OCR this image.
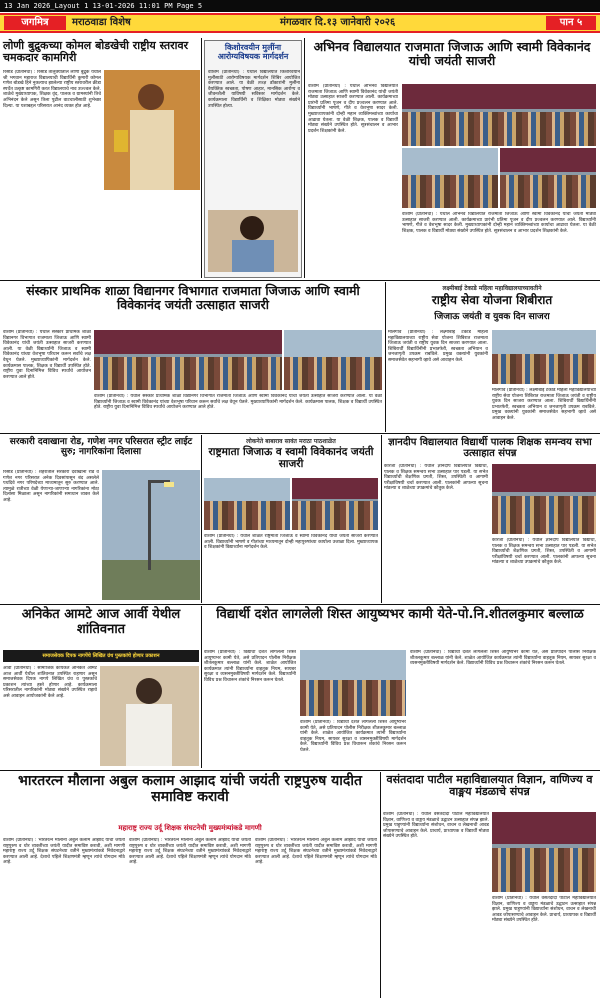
13 Jan 2026_Layout 1 13-01-2026 11:01 PM Page 5
जगमित्र	मराठवाडा विशेष	मंगळवार दि.१३ जानेवारी २०२६	पान ५
लोणी बुद्रुकच्या कोमल बोडखेची राष्ट्रीय स्तरावर चमकदार कामगिरी
रिसोड (प्रतिनिधी) : रिसोड तालुक्यातील लोणी बुद्रुक येथील श्री भगवान महाराज विद्यालयाची विद्यार्थिनी कुमारी कोमल गणेश बोडखे हिने नुकत्याच झालेल्या राष्ट्रीय स्तरावरील क्रीडा स्पर्धेत उत्कृष्ट कामगिरी करत विद्यालयाचे नाव उज्ज्वल केले. शाळेचे मुख्याध्यापक, शिक्षक वृंद, पालक व ग्रामस्थांनी तिचे अभिनंदन केले असून तिला पुढील वाटचालीसाठी शुभेच्छा दिल्या. या यशाबद्दल परिसरात आनंद व्यक्त होत आहे.
किशोरवयीन मुलींना आरोग्यविषयक मार्गदर्शन
वाशिम (प्रतिनिधी) : येथील विद्यालयात किशोरवयीन मुलींसाठी आरोग्यविषयक मार्गदर्शन शिबिर आयोजित करण्यात आले. या वेळी तज्ज्ञ डॉक्टरांनी मुलींना वैयक्तिक स्वच्छता, पोषण आहार, मानसिक आरोग्य व जीवनशैली याविषयी सविस्तर मार्गदर्शन केले. कार्यक्रमाला विद्यार्थिनी व शिक्षिका मोठ्या संख्येने उपस्थित होत्या.
अभिनव विद्यालयात राजमाता जिजाऊ आणि स्वामी विवेकानंद यांची जयंती साजरी
वाशीम (प्रतिनिधी) : येथील अभिनव विद्यालयात राजमाता जिजाऊ आणि स्वामी विवेकानंद यांची जयंती मोठ्या उत्साहात साजरी करण्यात आली. कार्यक्रमाच्या प्रारंभी प्रतिमा पूजन व दीप प्रज्वलन करण्यात आले. विद्यार्थ्यांनी भाषणे, गीते व वेशभूषा सादर केली. मुख्याध्यापकांनी दोन्ही महान व्यक्तिमत्त्वांच्या कार्याचा आढावा घेतला. या वेळी शिक्षक, पालक व विद्यार्थी मोठ्या संख्येने उपस्थित होते. सूत्रसंचालन व आभार प्रदर्शन शिक्षकांनी केले.
वाशीम (प्रतिनिधी) : येथील अभिनव विद्यालयात राजमाता जिजाऊ आणि स्वामी विवेकानंद यांची जयंती मोठ्या उत्साहात साजरी करण्यात आली. कार्यक्रमाच्या प्रारंभी प्रतिमा पूजन व दीप प्रज्वलन करण्यात आले. विद्यार्थ्यांनी भाषणे, गीते व वेशभूषा सादर केली. मुख्याध्यापकांनी दोन्ही महान व्यक्तिमत्त्वांच्या कार्याचा आढावा घेतला. या वेळी शिक्षक, पालक व विद्यार्थी मोठ्या संख्येने उपस्थित होते. सूत्रसंचालन व आभार प्रदर्शन शिक्षकांनी केले.
संस्कार प्राथमिक शाळा विद्यानगर विभागात राजमाता जिजाऊ आणि स्वामी विवेकानंद जयंती उत्साहात साजरी
वाशीम (प्रतिनिधी) : येथील संस्कार प्राथमिक शाळा विद्यानगर विभागात राजमाता जिजाऊ आणि स्वामी विवेकानंद यांची जयंती उत्साहात साजरी करण्यात आली. या वेळी विद्यार्थ्यांनी जिजाऊ व स्वामी विवेकानंद यांच्या वेशभूषा परिधान करून सर्वांचे लक्ष वेधून घेतले. मुख्याध्यापिकांनी मार्गदर्शन केले. कार्यक्रमास पालक, शिक्षक व विद्यार्थी उपस्थित होते. राष्ट्रीय युवा दिनानिमित्त विविध स्पर्धांचे आयोजन करण्यात आले होते.
वाशीम (प्रतिनिधी) : येथील संस्कार प्राथमिक शाळा विद्यानगर विभागात राजमाता जिजाऊ आणि स्वामी विवेकानंद यांची जयंती उत्साहात साजरी करण्यात आली. या वेळी विद्यार्थ्यांनी जिजाऊ व स्वामी विवेकानंद यांच्या वेशभूषा परिधान करून सर्वांचे लक्ष वेधून घेतले. मुख्याध्यापिकांनी मार्गदर्शन केले. कार्यक्रमास पालक, शिक्षक व विद्यार्थी उपस्थित होते. राष्ट्रीय युवा दिनानिमित्त विविध स्पर्धांचे आयोजन करण्यात आले होते.
लक्ष्मीबाई टेकाडे महिला महाविद्यालयाच्यावतीने
राष्ट्रीय सेवा योजना शिबीरात
जिजाऊ जयंती व युवक दिन साजरा
मालेगाव (प्रतिनिधी) : लक्ष्मीबाई टेकाडे महिला महाविद्यालयाच्या राष्ट्रीय सेवा योजना शिबिरात राजमाता जिजाऊ जयंती व राष्ट्रीय युवक दिन साजरा करण्यात आला. शिबिरार्थी विद्यार्थिनींनी प्रभातफेरी, स्वच्छता अभियान व जनजागृती उपक्रम राबविले. प्रमुख वक्त्यांनी युवकांनी समाजसेवेत सहभागी व्हावे असे आवाहन केले.
मालेगाव (प्रतिनिधी) : लक्ष्मीबाई टेकाडे महिला महाविद्यालयाच्या राष्ट्रीय सेवा योजना शिबिरात राजमाता जिजाऊ जयंती व राष्ट्रीय युवक दिन साजरा करण्यात आला. शिबिरार्थी विद्यार्थिनींनी प्रभातफेरी, स्वच्छता अभियान व जनजागृती उपक्रम राबविले. प्रमुख वक्त्यांनी युवकांनी समाजसेवेत सहभागी व्हावे असे आवाहन केले.
सरकारी दवाखाना रोड, गणेश नगर परिसरात स्ट्रीट लाईट सुरु; नागरिकांना दिलासा
रिसोड (प्रतिनिधी) : शहरातील सरकारी दवाखाना रोड व गणेश नगर परिसरात अनेक दिवसांपासून बंद असलेले पथदिवे नगर परिषदेच्या माध्यमातून सुरु करण्यात आले. त्यामुळे रात्रीच्या वेळी येणाऱ्या-जाणाऱ्या नागरिकांना मोठा दिलासा मिळाला असून नागरिकांनी समाधान व्यक्त केले आहे.
लोकनेते बाबाराव सावंत मराठा पाठशाळेत
राष्ट्रमाता जिजाऊ व स्वामी विवेकानंद जयंती साजरी
वाशीम (प्रतिनिधी) : येथील शाळेत राष्ट्रमाता जिजाऊ व स्वामी विवेकानंद यांची जयंती साजरी करण्यात आली. विद्यार्थ्यांनी भाषणे व गीतांच्या माध्यमातून दोन्ही महापुरुषांच्या कार्याला उजाळा दिला. मुख्याध्यापक व शिक्षकांनी विद्यार्थ्यांना मार्गदर्शन केले.
ज्ञानदीप विद्यालयात विद्यार्थी पालक शिक्षक समन्वय सभा उत्साहात संपन्न
कारंजा (प्रतिनिधी) : येथील ज्ञानदीप विद्यालयात विद्यार्थी, पालक व शिक्षक समन्वय सभा उत्साहात पार पडली. या सभेत विद्यार्थ्यांची शैक्षणिक प्रगती, शिस्त, उपस्थिती व आगामी परीक्षांविषयी चर्चा करण्यात आली. पालकांनी आपल्या सूचना मांडल्या व शाळेच्या उपक्रमांचे कौतुक केले.
कारंजा (प्रतिनिधी) : येथील ज्ञानदीप विद्यालयात विद्यार्थी, पालक व शिक्षक समन्वय सभा उत्साहात पार पडली. या सभेत विद्यार्थ्यांची शैक्षणिक प्रगती, शिस्त, उपस्थिती व आगामी परीक्षांविषयी चर्चा करण्यात आली. पालकांनी आपल्या सूचना मांडल्या व शाळेच्या उपक्रमांचे कौतुक केले.
अनिकेत आमटे आज आर्वी येथील शांतिवनात
समाजसेवक दिपक नागपेंचे लिखित ग्रंथ पुस्तकांचे होणार प्रकाशन
आर्वी (प्रतिनिधी) : सामाजिक कार्यकर्ते अनिकेत आमटे आज आर्वी येथील शांतिवनात उपस्थित राहणार असून समाजसेवक दिपक नागपे लिखित ग्रंथ व पुस्तकांचे प्रकाशन त्यांच्या हस्ते होणार आहे. कार्यक्रमाला परिसरातील नागरिकांनी मोठ्या संख्येने उपस्थित राहावे असे आवाहन आयोजकांनी केले आहे.
विद्यार्थी दशेत लागलेली शिस्त आयुष्यभर कामी येते-पो.नि.शीतलकुमार बल्लाळ
वाशीम (प्रतिनिधी) : विद्यार्थी दशेत लागलेली शिस्त आयुष्यभर कामी येते, असे प्रतिपादन पोलीस निरीक्षक शीतलकुमार बल्लाळ यांनी केले. शाळेत आयोजित कार्यक्रमात त्यांनी विद्यार्थ्यांना वाहतूक नियम, सायबर सुरक्षा व व्यसनमुक्तीविषयी मार्गदर्शन केले. विद्यार्थ्यांनी विविध प्रश्न विचारून शंकांचे निरसन करून घेतले.
वाशीम (प्रतिनिधी) : विद्यार्थी दशेत लागलेली शिस्त आयुष्यभर कामी येते, असे प्रतिपादन पोलीस निरीक्षक शीतलकुमार बल्लाळ यांनी केले. शाळेत आयोजित कार्यक्रमात त्यांनी विद्यार्थ्यांना वाहतूक नियम, सायबर सुरक्षा व व्यसनमुक्तीविषयी मार्गदर्शन केले. विद्यार्थ्यांनी विविध प्रश्न विचारून शंकांचे निरसन करून घेतले.
वाशीम (प्रतिनिधी) : विद्यार्थी दशेत लागलेली शिस्त आयुष्यभर कामी येते, असे प्रतिपादन पोलीस निरीक्षक शीतलकुमार बल्लाळ यांनी केले. शाळेत आयोजित कार्यक्रमात त्यांनी विद्यार्थ्यांना वाहतूक नियम, सायबर सुरक्षा व व्यसनमुक्तीविषयी मार्गदर्शन केले. विद्यार्थ्यांनी विविध प्रश्न विचारून शंकांचे निरसन करून घेतले.
भारतरत्न मौलाना अबुल कलाम आझाद यांची जयंती राष्ट्रपुरुष यादीत समाविष्ट करावी
महाराष्ट्र राज्य उर्दू शिक्षक संघटनेची मुख्यमंत्र्यांकडे मागणी
वाशीम (प्रतिनिधी) : भारतरत्न मौलाना अबुल कलाम आझाद यांची जयंती राष्ट्रपुरुष व थोर व्यक्तींच्या जयंती यादीत समाविष्ट करावी, अशी मागणी महाराष्ट्र राज्य उर्दू शिक्षक संघटनेच्या वतीने मुख्यमंत्र्यांकडे निवेदनाद्वारे करण्यात आली आहे. देशाचे पहिले शिक्षणमंत्री म्हणून त्यांचे योगदान मोठे आहे.
वाशीम (प्रतिनिधी) : भारतरत्न मौलाना अबुल कलाम आझाद यांची जयंती राष्ट्रपुरुष व थोर व्यक्तींच्या जयंती यादीत समाविष्ट करावी, अशी मागणी महाराष्ट्र राज्य उर्दू शिक्षक संघटनेच्या वतीने मुख्यमंत्र्यांकडे निवेदनाद्वारे करण्यात आली आहे. देशाचे पहिले शिक्षणमंत्री म्हणून त्यांचे योगदान मोठे आहे.
वाशीम (प्रतिनिधी) : भारतरत्न मौलाना अबुल कलाम आझाद यांची जयंती राष्ट्रपुरुष व थोर व्यक्तींच्या जयंती यादीत समाविष्ट करावी, अशी मागणी महाराष्ट्र राज्य उर्दू शिक्षक संघटनेच्या वतीने मुख्यमंत्र्यांकडे निवेदनाद्वारे करण्यात आली आहे. देशाचे पहिले शिक्षणमंत्री म्हणून त्यांचे योगदान मोठे आहे.
वसंतदादा पाटील महाविद्यालयात विज्ञान, वाणिज्य व वाङ्मय मंडळाचे संपन्न
वाशीम (प्रतिनिधी) : येथील वसंतदादा पाटील महाविद्यालयात विज्ञान, वाणिज्य व वाङ्मय मंडळाचे उद्घाटन उत्साहात संपन्न झाले. प्रमुख पाहुण्यांनी विद्यार्थ्यांना संशोधन, वाचन व लेखनाची आवड जोपासण्याचे आवाहन केले. प्राचार्य, प्राध्यापक व विद्यार्थी मोठ्या संख्येने उपस्थित होते.
वाशीम (प्रतिनिधी) : येथील वसंतदादा पाटील महाविद्यालयात विज्ञान, वाणिज्य व वाङ्मय मंडळाचे उद्घाटन उत्साहात संपन्न झाले. प्रमुख पाहुण्यांनी विद्यार्थ्यांना संशोधन, वाचन व लेखनाची आवड जोपासण्याचे आवाहन केले. प्राचार्य, प्राध्यापक व विद्यार्थी मोठ्या संख्येने उपस्थित होते.
